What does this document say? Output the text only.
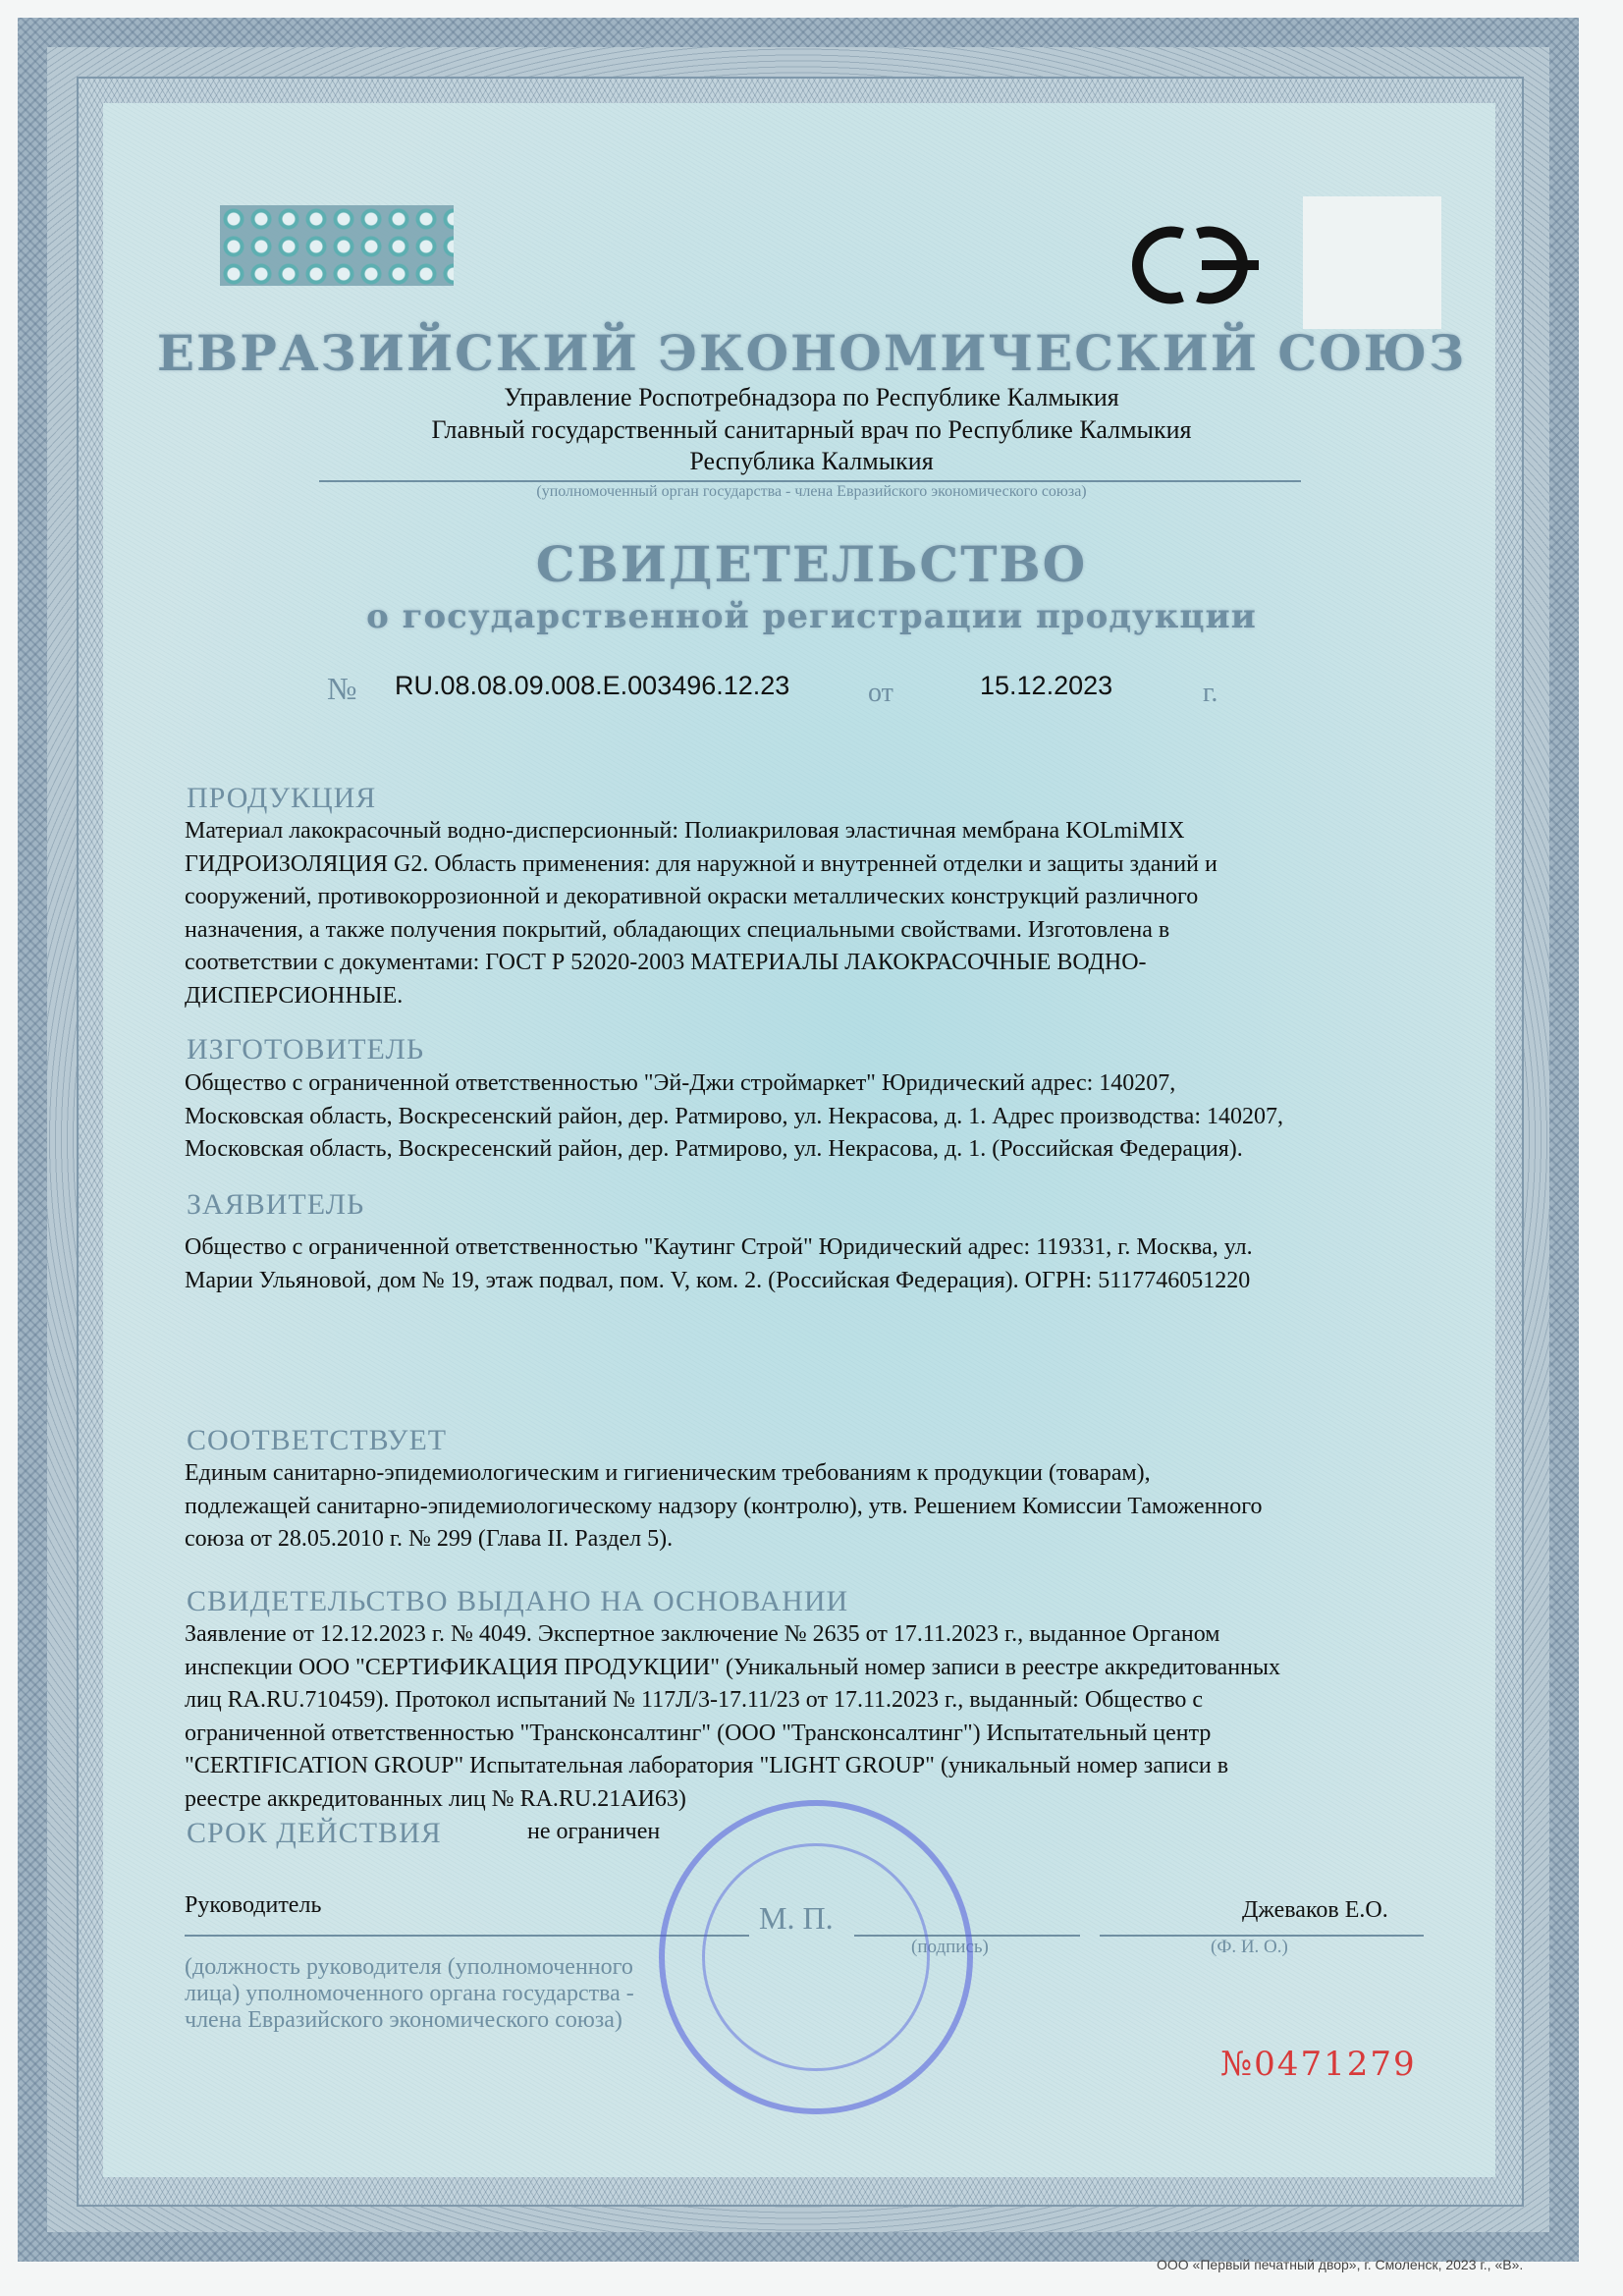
ЕВРАЗИЙСКИЙ ЭКОНОМИЧЕСКИЙ СОЮЗ
Управление Роспотребнадзора по Республике Калмыкия
Главный государственный санитарный врач по Республике Калмыкия
Республика Калмыкия
(уполномоченный орган государства - члена Евразийского экономического союза)
СВИДЕТЕЛЬСТВО
о государственной регистрации продукции
№ RU.08.08.09.008.E.003496.12.23	от	15.12.2023	г.
ПРОДУКЦИЯ
Материал лакокрасочный водно-дисперсионный: Полиакриловая эластичная мембрана KOLmiMIX
ГИДРОИЗОЛЯЦИЯ G2. Область применения: для наружной и внутренней отделки и защиты зданий и
сооружений, противокоррозионной и декоративной окраски металлических конструкций различного
назначения, а также получения покрытий, обладающих специальными свойствами. Изготовлена в
соответствии с документами: ГОСТ Р 52020-2003 МАТЕРИАЛЫ ЛАКОКРАСОЧНЫЕ ВОДНО-
ДИСПЕРСИОННЫЕ.
ИЗГОТОВИТЕЛЬ
Общество с ограниченной ответственностью "Эй-Джи строймаркет" Юридический адрес: 140207,
Московская область, Воскресенский район, дер. Ратмирово, ул. Некрасова, д. 1. Адрес производства: 140207,
Московская область, Воскресенский район, дер. Ратмирово, ул. Некрасова, д. 1. (Российская Федерация).
ЗАЯВИТЕЛЬ
Общество с ограниченной ответственностью "Каутинг Строй" Юридический адрес: 119331, г. Москва, ул.
Марии Ульяновой, дом № 19, этаж подвал, пом. V, ком. 2. (Российская Федерация). ОГРН: 5117746051220
СООТВЕТСТВУЕТ
Единым санитарно-эпидемиологическим и гигиеническим требованиям к продукции (товарам),
подлежащей санитарно-эпидемиологическому надзору (контролю), утв. Решением Комиссии Таможенного
союза от 28.05.2010 г. № 299 (Глава II. Раздел 5).
СВИДЕТЕЛЬСТВО ВЫДАНО НА ОСНОВАНИИ
Заявление от 12.12.2023 г. № 4049. Экспертное заключение № 2635 от 17.11.2023 г., выданное Органом
инспекции ООО "СЕРТИФИКАЦИЯ ПРОДУКЦИИ" (Уникальный номер записи в реестре аккредитованных
лиц RA.RU.710459). Протокол испытаний № 117Л/3-17.11/23 от 17.11.2023 г., выданный: Общество с
ограниченной ответственностью "Трансконсалтинг" (ООО "Трансконсалтинг") Испытательный центр
"CERTIFICATION GROUP" Испытательная лаборатория "LIGHT GROUP" (уникальный номер записи в
реестре аккредитованных лиц № RA.RU.21АИ63)
СРОК ДЕЙСТВИЯ	не ограничен
Руководитель	Джеваков Е.О.
М. П.
(подпись)	(Ф. И. О.)
(должность руководителя (уполномоченного
лица) уполномоченного органа государства -
члена Евразийского экономического союза)
№0471279
ООО «Первый печатный двор», г. Смоленск, 2023 г., «В».
